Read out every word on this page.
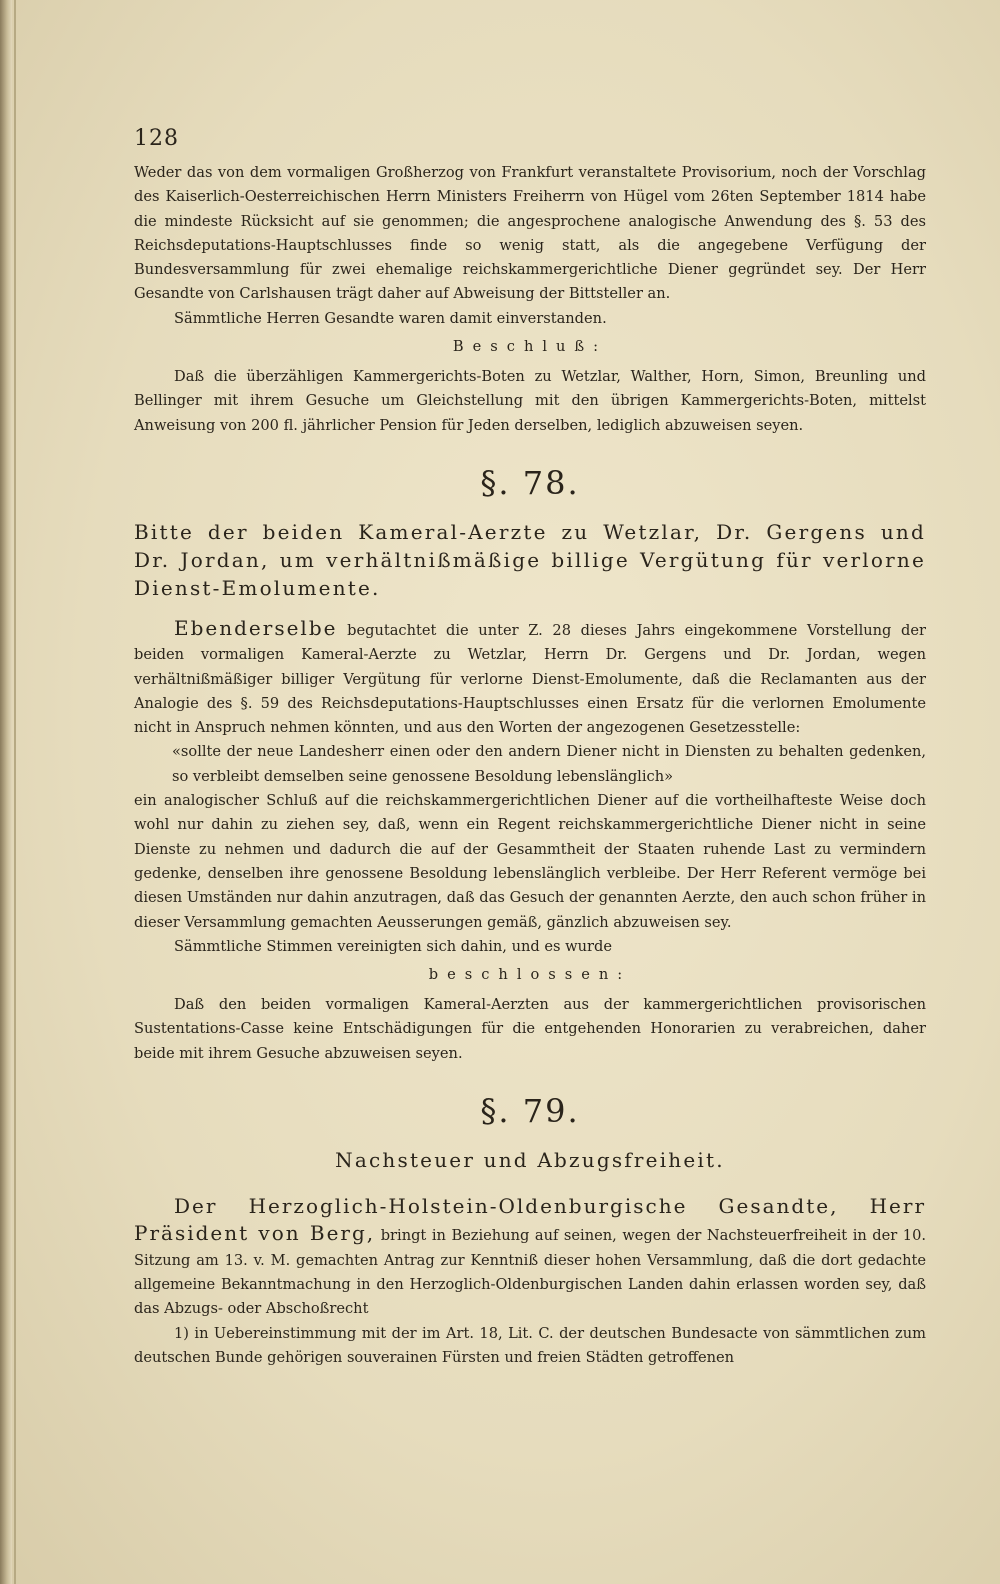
128

Weder das von dem vormaligen Großherzog von Frankfurt veranstaltete Provisorium, noch der Vorschlag des Kaiserlich-Oesterreichischen Herrn Ministers Freiherrn von Hügel vom 26ten September 1814 habe die mindeste Rücksicht auf sie genommen; die angesprochene analogische Anwendung des §. 53 des Reichsdeputations-Hauptschlusses finde so wenig statt, als die angegebene Verfügung der Bundesversammlung für zwei ehemalige reichskammergerichtliche Diener gegründet sey. Der Herr Gesandte von Carlshausen trägt daher auf Abweisung der Bittsteller an.

Sämmtliche Herren Gesandte waren damit einverstanden.

Beschluß:

Daß die überzähligen Kammergerichts-Boten zu Wetzlar, Walther, Horn, Simon, Breunling und Bellinger mit ihrem Gesuche um Gleichstellung mit den übrigen Kammergerichts-Boten, mittelst Anweisung von 200 fl. jährlicher Pension für Jeden derselben, lediglich abzuweisen seyen.

§. 78.
Bitte der beiden Kameral-Aerzte zu Wetzlar, Dr. Gergens und Dr. Jordan, um verhältnißmäßige billige Vergütung für verlorne Dienst-Emolumente.

Ebenderselbe begutachtet die unter Z. 28 dieses Jahrs eingekommene Vorstellung der beiden vormaligen Kameral-Aerzte zu Wetzlar, Herrn Dr. Gergens und Dr. Jordan, wegen verhältnißmäßiger billiger Vergütung für verlorne Dienst-Emolumente, daß die Reclamanten aus der Analogie des §. 59 des Reichsdeputations-Hauptschlusses einen Ersatz für die verlornen Emolumente nicht in Anspruch nehmen könnten, und aus den Worten der angezogenen Gesetzesstelle:

«sollte der neue Landesherr einen oder den andern Diener nicht in Diensten zu behalten gedenken, so verbleibt demselben seine genossene Besoldung lebenslänglich»

ein analogischer Schluß auf die reichskammergerichtlichen Diener auf die vortheilhafteste Weise doch wohl nur dahin zu ziehen sey, daß, wenn ein Regent reichskammergerichtliche Diener nicht in seine Dienste zu nehmen und dadurch die auf der Gesammtheit der Staaten ruhende Last zu vermindern gedenke, denselben ihre genossene Besoldung lebenslänglich verbleibe. Der Herr Referent vermöge bei diesen Umständen nur dahin anzutragen, daß das Gesuch der genannten Aerzte, den auch schon früher in dieser Versammlung gemachten Aeusserungen gemäß, gänzlich abzuweisen sey.

Sämmtliche Stimmen vereinigten sich dahin, und es wurde

beschlossen:

Daß den beiden vormaligen Kameral-Aerzten aus der kammergerichtlichen provisorischen Sustentations-Casse keine Entschädigungen für die entgehenden Honorarien zu verabreichen, daher beide mit ihrem Gesuche abzuweisen seyen.

§. 79.
Nachsteuer und Abzugsfreiheit.

Der Herzoglich-Holstein-Oldenburgische Gesandte, Herr Präsident von Berg, bringt in Beziehung auf seinen, wegen der Nachsteuerfreiheit in der 10. Sitzung am 13. v. M. gemachten Antrag zur Kenntniß dieser hohen Versammlung, daß die dort gedachte allgemeine Bekanntmachung in den Herzoglich-Oldenburgischen Landen dahin erlassen worden sey, daß das Abzugs- oder Abschoßrecht

1) in Uebereinstimmung mit der im Art. 18, Lit. C. der deutschen Bundesacte von sämmtlichen zum deutschen Bunde gehörigen souverainen Fürsten und freien Städten getroffenen
